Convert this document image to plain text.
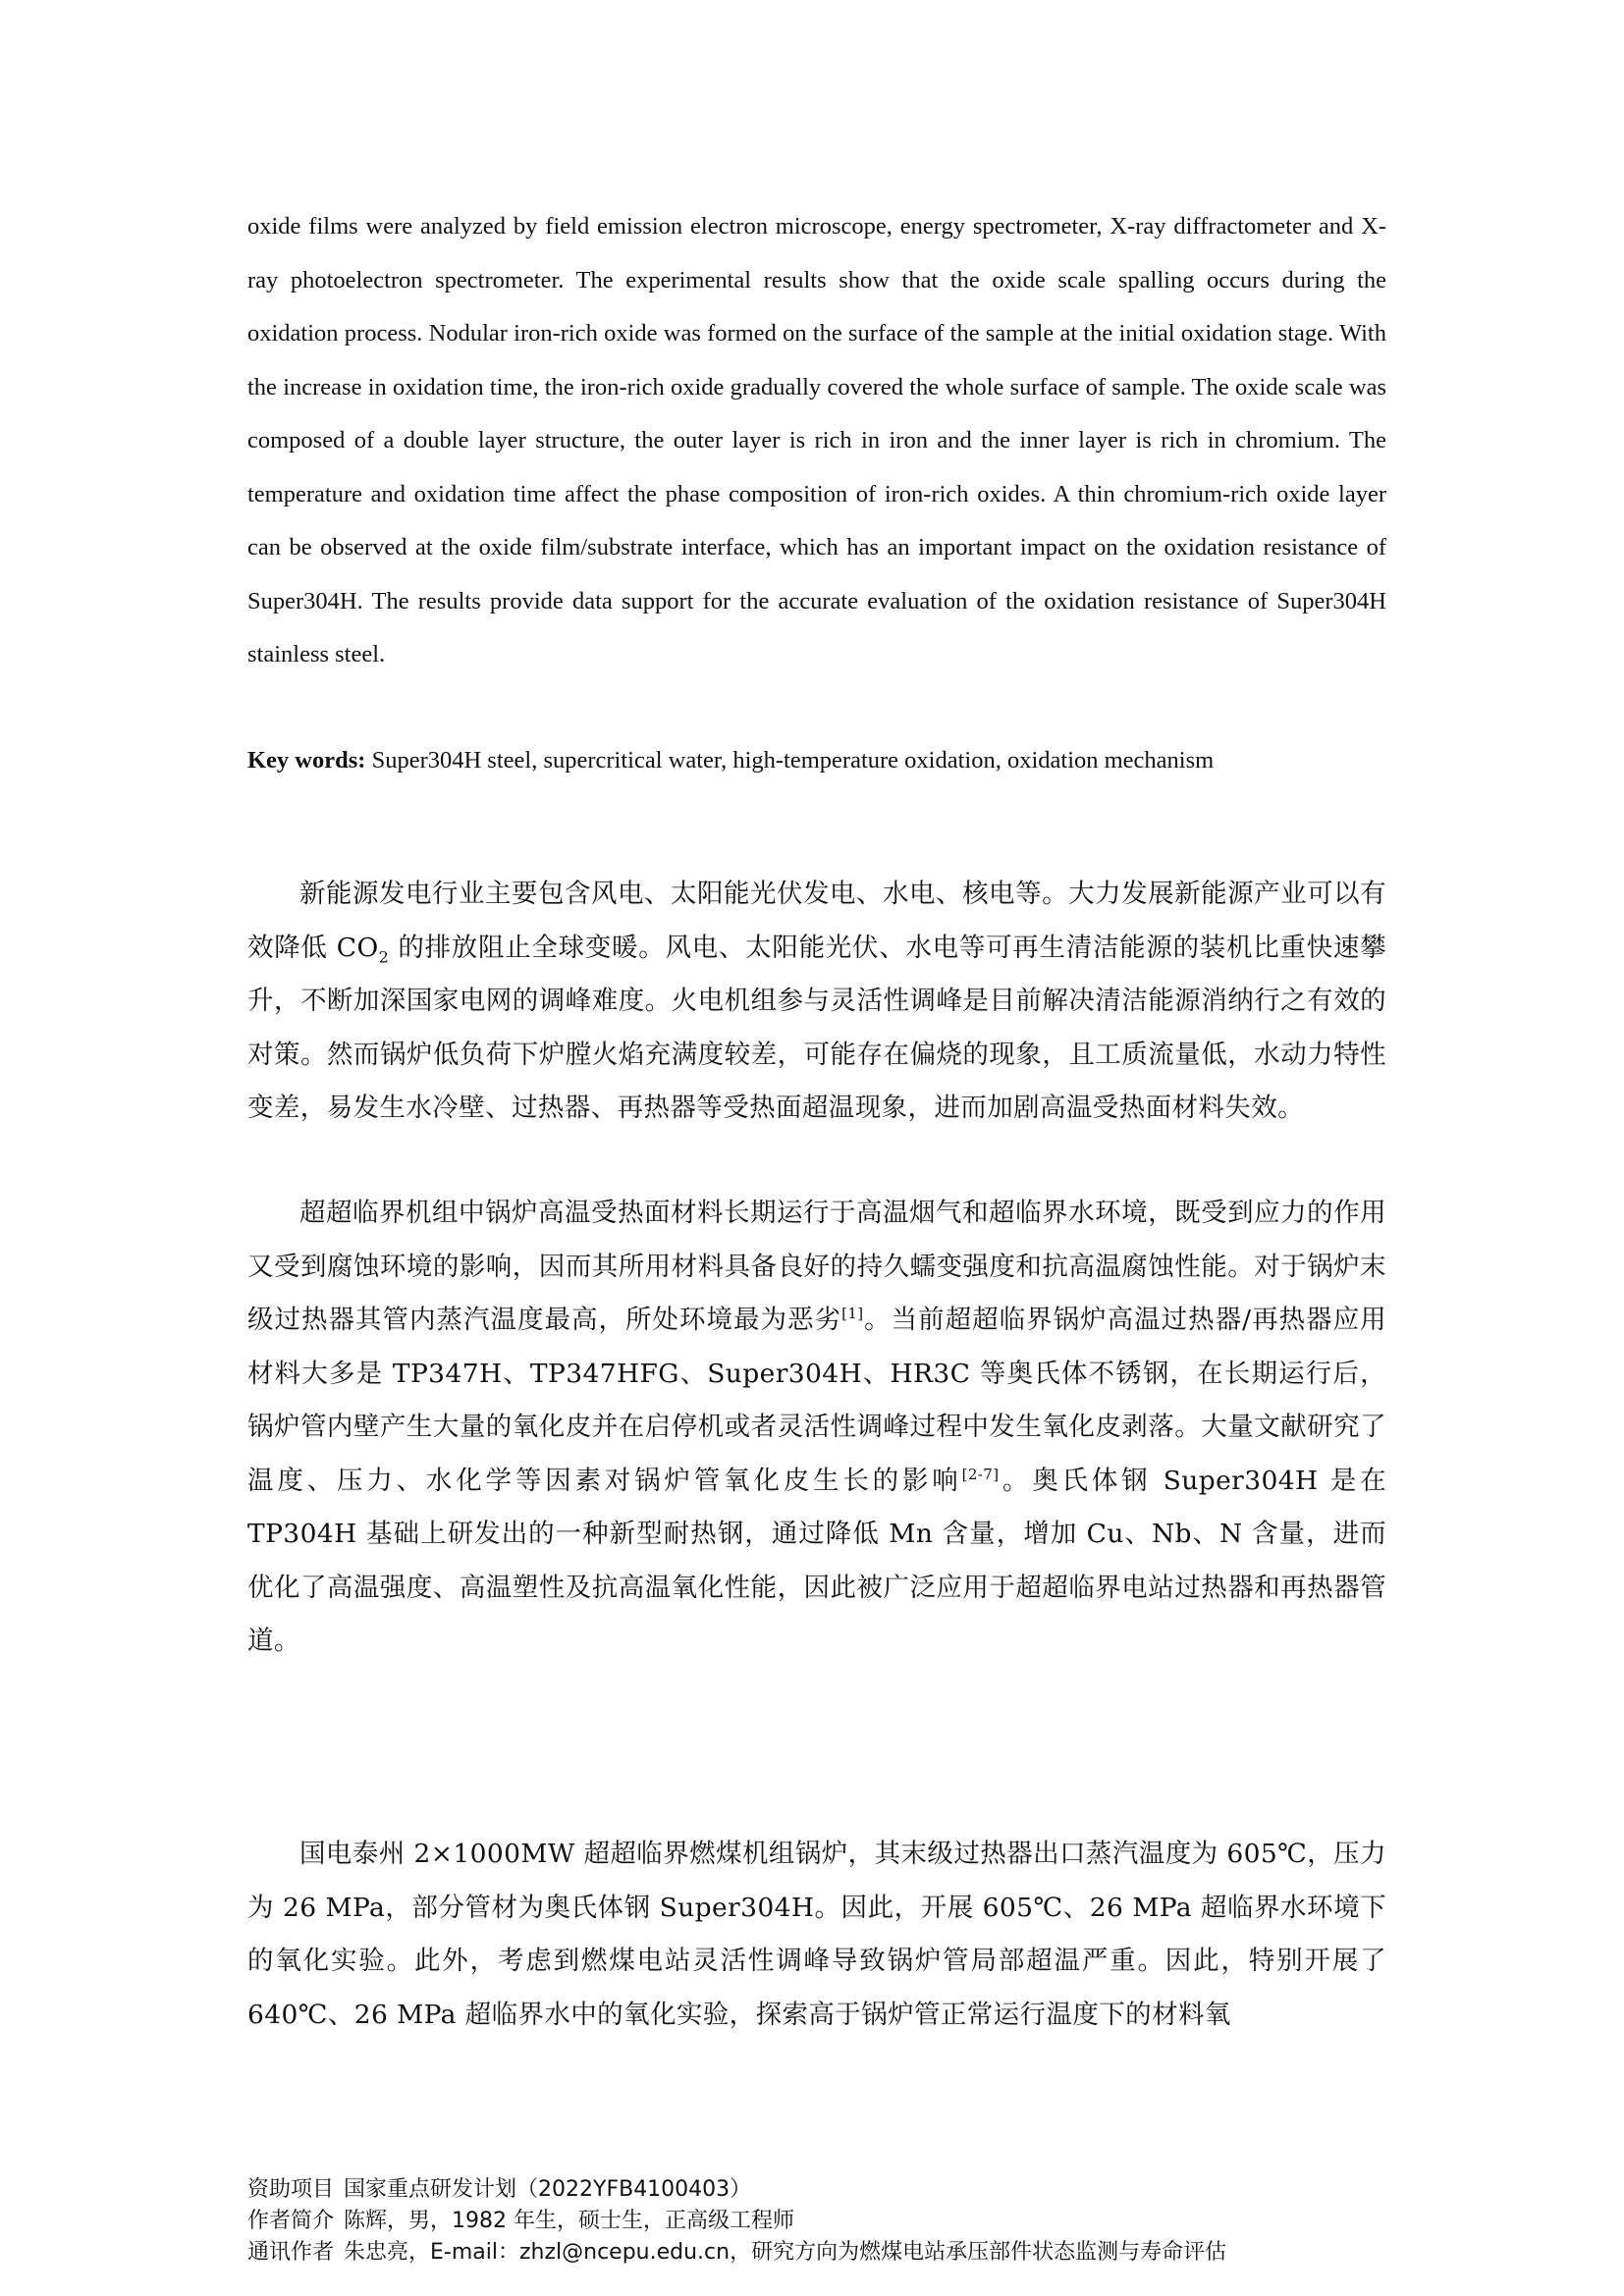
oxide films were analyzed by field emission electron microscope, energy spectrometer, X-ray diffractometer and X-ray photoelectron spectrometer. The experimental results show that the oxide scale spalling occurs during the oxidation process. Nodular iron-rich oxide was formed on the surface of the sample at the initial oxidation stage. With the increase in oxidation time, the iron-rich oxide gradually covered the whole surface of sample. The oxide scale was composed of a double layer structure, the outer layer is rich in iron and the inner layer is rich in chromium. The temperature and oxidation time affect the phase composition of iron-rich oxides. A thin chromium-rich oxide layer can be observed at the oxide film/substrate interface, which has an important impact on the oxidation resistance of Super304H. The results provide data support for the accurate evaluation of the oxidation resistance of Super304H stainless steel.

Key words: Super304H steel, supercritical water, high-temperature oxidation, oxidation mechanism

新能源发电行业主要包含风电、太阳能光伏发电、水电、核电等。大力发展新能源产业可以有效降低 $CO_2$ 的排放阻止全球变暖。风电、太阳能光伏、水电等可再生清洁能源的装机比重快速攀升，不断加深国家电网的调峰难度。火电机组参与灵活性调峰是目前解决清洁能源消纳行之有效的对策。然而锅炉低负荷下炉膛火焰充满度较差，可能存在偏烧的现象，且工质流量低，水动力特性变差，易发生水冷壁、过热器、再热器等受热面超温现象，进而加剧高温受热面材料失效。

超超临界机组中锅炉高温受热面材料长期运行于高温烟气和超临界水环境，既受到应力的作用又受到腐蚀环境的影响，因而其所用材料具备良好的持久蠕变强度和抗高温腐蚀性能。对于锅炉末级过热器其管内蒸汽温度最高，所处环境最为恶劣[1]。当前超超临界锅炉高温过热器/再热器应用材料大多是 TP347H、TP347HFG、Super304H、HR3C 等奥氏体不锈钢，在长期运行后，锅炉管内壁产生大量的氧化皮并在启停机或者灵活性调峰过程中发生氧化皮剥落。大量文献研究了温度、压力、水化学等因素对锅炉管氧化皮生长的影响[2-7]。奥氏体钢 Super304H 是在 TP304H 基础上研发出的一种新型耐热钢，通过降低 Mn 含量，增加 Cu、Nb、N 含量，进而优化了高温强度、高温塑性及抗高温氧化性能，因此被广泛应用于超超临界电站过热器和再热器管道。

国电泰州 2×1000MW 超超临界燃煤机组锅炉，其末级过热器出口蒸汽温度为 605℃，压力为 26 MPa，部分管材为奥氏体钢 Super304H。因此，开展 605℃、26 MPa 超临界水环境下的氧化实验。此外，考虑到燃煤电站灵活性调峰导致锅炉管局部超温严重。因此，特别开展了 640℃、26 MPa 超临界水中的氧化实验，探索高于锅炉管正常运行温度下的材料氧

资助项目 国家重点研发计划（2022YFB4100403）

作者简介 陈辉，男，1982 年生，硕士生，正高级工程师

通讯作者 朱忠亮，E-mail：zhzl@ncepu.edu.cn，研究方向为燃煤电站承压部件状态监测与寿命评估
